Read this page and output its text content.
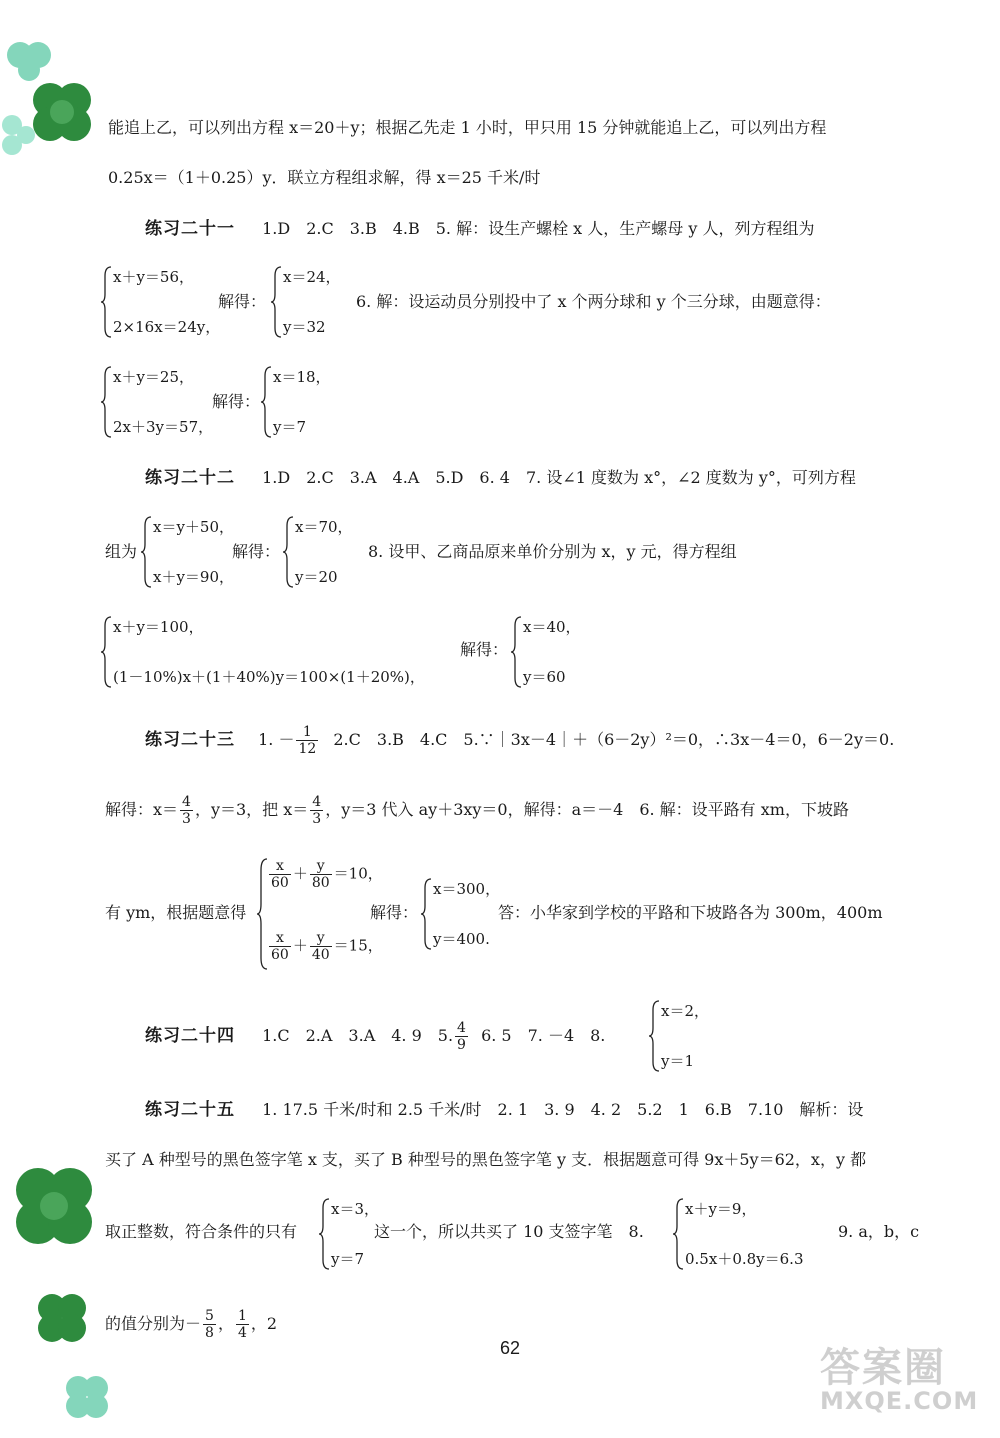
能追上乙，可以列出方程 x＝20＋y；根据乙先走 1 小时，甲只用 15 分钟就能追上乙，可以列出方程
0.25x＝（1＋0.25）y．联立方程组求解，得 x＝25 千米/时
练习二十一 1.D　2.C　3.B　4.B　5. 解：设生产螺栓 x 人，生产螺母 y 人，列方程组为
x＋y＝56，
2×16x＝24y，
解得：
x＝24，
y＝32
6. 解：设运动员分别投中了 x 个两分球和 y 个三分球，由题意得：
x＋y＝25，
2x＋3y＝57，
解得：
x＝18，
y＝7
练习二十二 1.D　2.C　3.A　4.A　5.D　6. 4　7. 设∠1 度数为 x°，∠2 度数为 y°，可列方程
组为
x＝y＋50，
x＋y＝90，
解得：
x＝70，
y＝20
8. 设甲、乙商品原来单价分别为 x，y 元，得方程组
x＋y＝100，
(1－10%)x＋(1＋40%)y＝100×(1＋20%)，
解得：
x＝40，
y＝60
练习二十三 1. － $\frac{1}{12} 2.C$　3.B　4.C　5.∵｜3x－4｜＋（6－2y）²＝0，∴3x－4＝0，6－2y＝0.
解得：$x= \frac{4}{3}$ ，y＝3，把 $x= \frac{4}{3}$ ，y＝3 代入 ay＋3xy＝0，解得：a＝－4　6. 解：设平路有 xm，下坡路
有 ym，根据题意得
$\frac{x}{60} + \frac{y}{80} =10$，
$\frac{x}{60} + \frac{y}{40} =15$，
解得：
x＝300，
y＝400.
答：小华家到学校的平路和下坡路各为 300m，400m
练习二十四 1.C　2.A　3.A　4. 9　5. $\frac{4}{9} 6$. 5　7. －4　8.
x＝2，
y＝1
练习二十五 1. 17.5 千米/时和 2.5 千米/时　2. 1　3. 9　4. 2　5.2　1　6.B　7.10　解析：设
买了 A 种型号的黑色签字笔 x 支，买了 B 种型号的黑色签字笔 y 支．根据题意可得 9x＋5y＝62，x，y 都
取正整数，符合条件的只有
x＝3，
y＝7
这一个，所以共买了 10 支签字笔　8.
x＋y＝9，
0.5x＋0.8y＝6.3
9. a，b，c
的值分别为－ $\frac{5}{8}$ ， $\frac{1}{4}$ ，2
62	答案圈
MXQE.COM
